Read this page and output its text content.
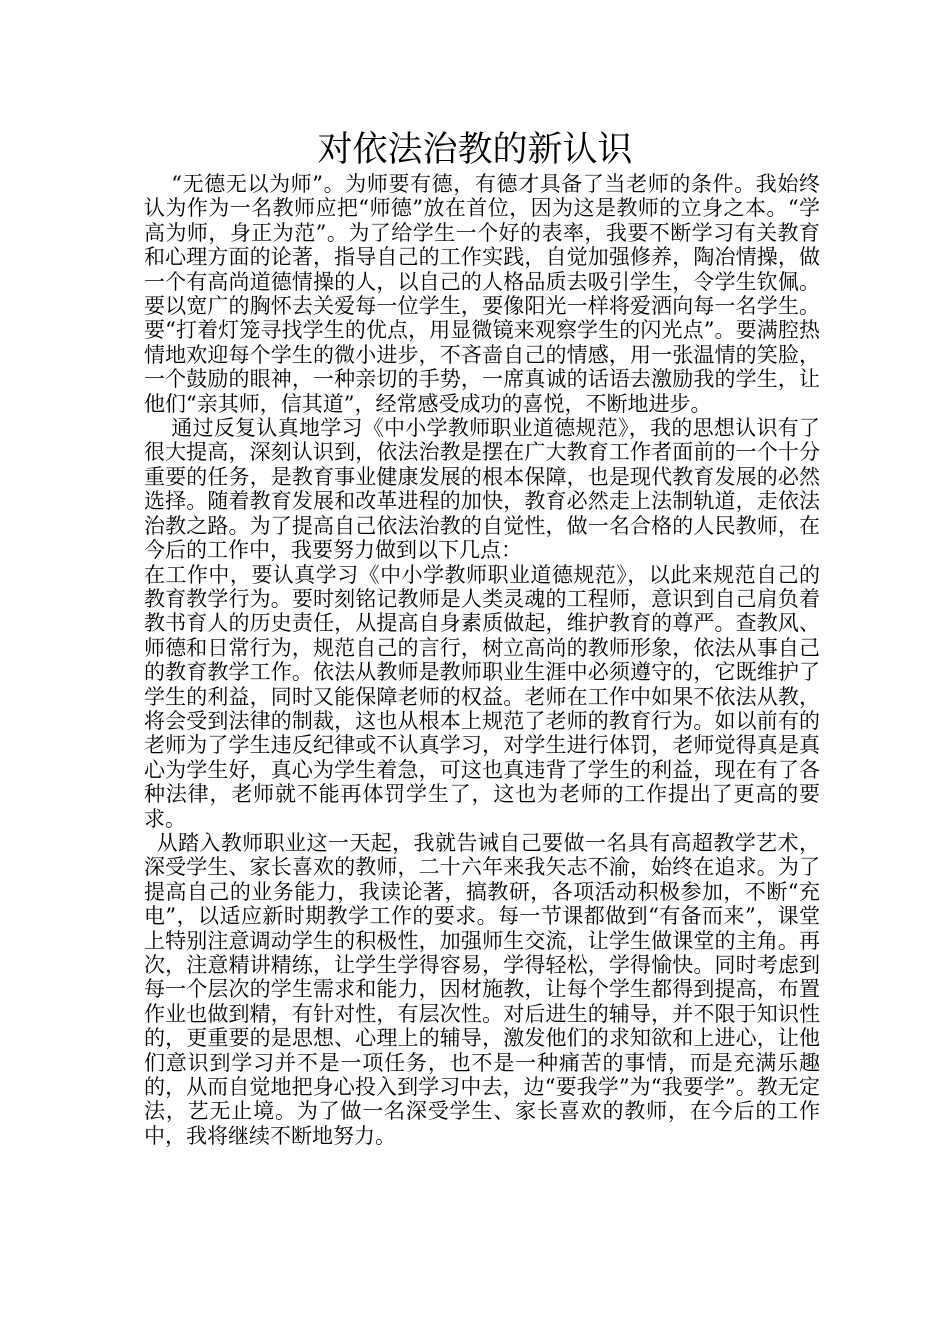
对依法治教的新认识

“无德无以为师”。为师要有德，有德才具备了当老师的条件。我始终认为作为一名教师应把“师德”放在首位，因为这是教师的立身之本。“学高为师，身正为范”。为了给学生一个好的表率，我要不断学习有关教育和心理方面的论著，指导自己的工作实践，自觉加强修养，陶冶情操，做一个有高尚道德情操的人，以自己的人格品质去吸引学生，令学生钦佩。要以宽广的胸怀去关爱每一位学生，要像阳光一样将爱洒向每一名学生。要“打着灯笼寻找学生的优点，用显微镜来观察学生的闪光点”。要满腔热情地欢迎每个学生的微小进步，不吝啬自己的情感，用一张温情的笑脸，一个鼓励的眼神，一种亲切的手势，一席真诚的话语去激励我的学生，让他们“亲其师，信其道”，经常感受成功的喜悦，不断地进步。

通过反复认真地学习《中小学教师职业道德规范》，我的思想认识有了很大提高，深刻认识到，依法治教是摆在广大教育工作者面前的一个十分重要的任务，是教育事业健康发展的根本保障，也是现代教育发展的必然选择。随着教育发展和改革进程的加快，教育必然走上法制轨道，走依法治教之路。为了提高自己依法治教的自觉性，做一名合格的人民教师，在今后的工作中，我要努力做到以下几点：

在工作中，要认真学习《中小学教师职业道德规范》，以此来规范自己的教育教学行为。要时刻铭记教师是人类灵魂的工程师，意识到自己肩负着教书育人的历史责任，从提高自身素质做起，维护教育的尊严。查教风、师德和日常行为，规范自己的言行，树立高尚的教师形象，依法从事自己的教育教学工作。依法从教师是教师职业生涯中必须遵守的，它既维护了学生的利益，同时又能保障老师的权益。老师在工作中如果不依法从教，将会受到法律的制裁，这也从根本上规范了老师的教育行为。如以前有的老师为了学生违反纪律或不认真学习，对学生进行体罚，老师觉得真是真心为学生好，真心为学生着急，可这也真违背了学生的利益，现在有了各种法律，老师就不能再体罚学生了，这也为老师的工作提出了更高的要求。

从踏入教师职业这一天起，我就告诫自己要做一名具有高超教学艺术，深受学生、家长喜欢的教师，二十六年来我矢志不渝，始终在追求。为了提高自己的业务能力，我读论著，搞教研，各项活动积极参加，不断“充电”，以适应新时期教学工作的要求。每一节课都做到“有备而来”，课堂上特别注意调动学生的积极性，加强师生交流，让学生做课堂的主角。再次，注意精讲精练，让学生学得容易，学得轻松，学得愉快。同时考虑到每一个层次的学生需求和能力，因材施教，让每个学生都得到提高，布置作业也做到精，有针对性，有层次性。对后进生的辅导，并不限于知识性的，更重要的是思想、心理上的辅导，激发他们的求知欲和上进心，让他们意识到学习并不是一项任务，也不是一种痛苦的事情，而是充满乐趣的，从而自觉地把身心投入到学习中去，边“要我学”为“我要学”。教无定法，艺无止境。为了做一名深受学生、家长喜欢的教师，在今后的工作中，我将继续不断地努力。
